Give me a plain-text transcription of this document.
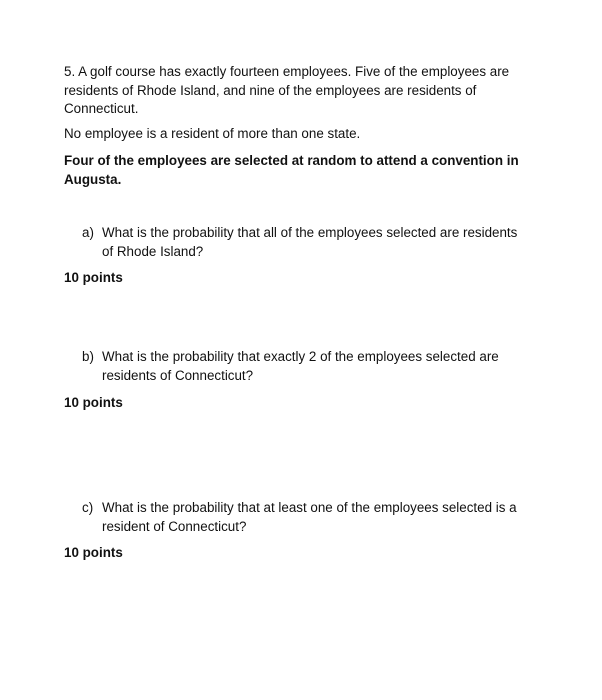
5. A golf course has exactly fourteen employees. Five of the employees are residents of Rhode Island, and nine of the employees are residents of Connecticut.

No employee is a resident of more than one state.

Four of the employees are selected at random to attend a convention in Augusta.

a) What is the probability that all of the employees selected are residents of Rhode Island?

10 points

b) What is the probability that exactly 2 of the employees selected are residents of Connecticut?

10 points

c) What is the probability that at least one of the employees selected is a resident of Connecticut?

10 points
